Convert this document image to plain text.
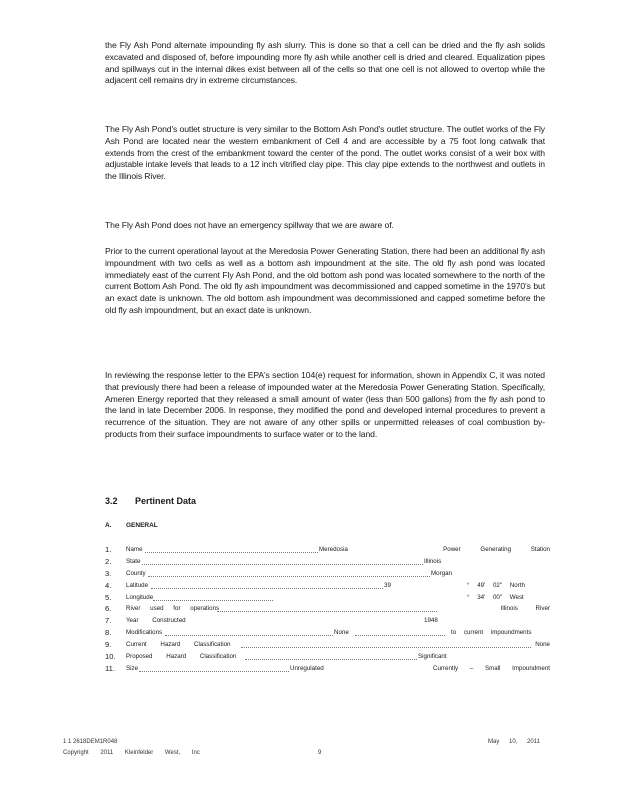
the Fly Ash Pond alternate impounding fly ash slurry. This is done so that a cell can be dried and the fly ash solids excavated and disposed of, before impounding more fly ash while another cell is dried and cleared. Equalization pipes and spillways cut in the internal dikes exist between all of the cells so that one cell is not allowed to overtop while the adjacent cell remains dry in extreme circumstances.

The Fly Ash Pond's outlet structure is very similar to the Bottom Ash Pond's outlet structure. The outlet works of the Fly Ash Pond are located near the western embankment of Cell 4 and are accessible by a 75 foot long catwalk that extends from the crest of the embankment toward the center of the pond. The outlet works consist of a weir box with adjustable intake levels that leads to a 12 inch vitrified clay pipe. This clay pipe extends to the northwest and outlets in the Illinois River.

The Fly Ash Pond does not have an emergency spillway that we are aware of.

Prior to the current operational layout at the Meredosia Power Generating Station, there had been an additional fly ash impoundment with two cells as well as a bottom ash impoundment at the site. The old fly ash pond was located immediately east of the current Fly Ash Pond, and the old bottom ash pond was located somewhere to the north of the current Bottom Ash Pond. The old fly ash impoundment was decommissioned and capped sometime in the 1970's but an exact date is unknown. The old bottom ash impoundment was decommissioned and capped sometime before the old fly ash impoundment, but an exact date is unknown.

In reviewing the response letter to the EPA's section 104(e) request for information, shown in Appendix C, it was noted that previously there had been a release of impounded water at the Meredosia Power Generating Station. Specifically, Ameren Energy reported that they released a small amount of water (less than 500 gallons) from the fly ash pond to the land in late December 2006. In response, they modified the pond and developed internal procedures to prevent a recurrence of the situation. They are not aware of any other spills or unpermitted releases of coal combustion by-products from their surface impoundments to surface water or to the land.

3.2 Pertinent Data
A. GENERAL
1. Name	Meredosia	Power Generating Station
2. State	Illinois
3. County	Morgan
4. Latitude	39	° 49' 02" North
5. Longitude	° 34' 00" West
6. River used for operations	Illinois River
7. Year Constructed	1948
8. Modifications	None	to current impoundments
9. Current Hazard Classification	None
10. Proposed Hazard Classification	Significant
11. Size	Unregulated	Currently – Small Impoundment
1 1 2618DEM1R048
Copyright 2011 Kleinfelder West, Inc	9
May 10, 2011
